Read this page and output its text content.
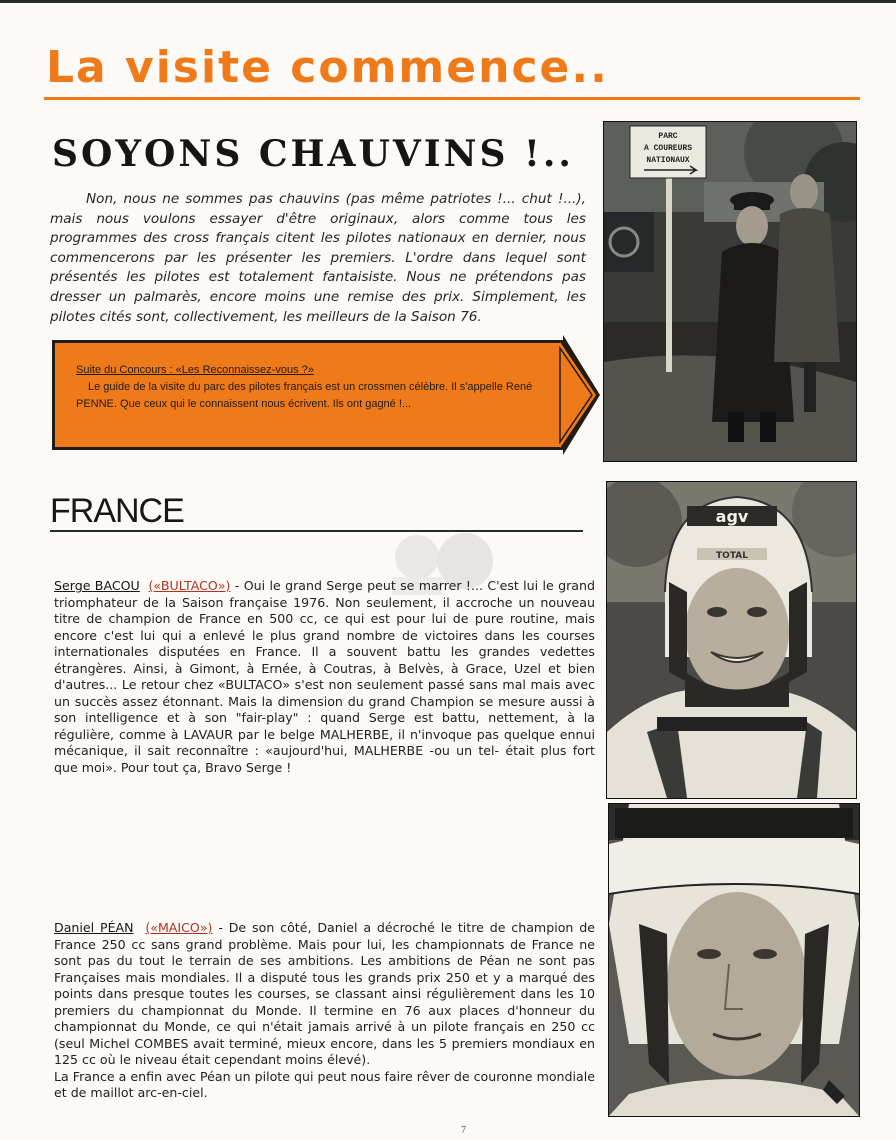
La visite commence..
SOYONS CHAUVINS !..

Non, nous ne sommes pas chauvins (pas même patriotes !... chut !...), mais nous voulons essayer d'être originaux, alors comme tous les programmes des cross français citent les pilotes nationaux en dernier, nous commencerons par les présenter les premiers. L'ordre dans lequel sont présentés les pilotes est totalement fantaisiste. Nous ne prétendons pas dresser un palmarès, encore moins une remise des prix. Simplement, les pilotes cités sont, collectivement, les meilleurs de la Saison 76.

Suite du Concours : «Les Reconnaissez-vous ?»
Le guide de la visite du parc des pilotes français est un crossmen célèbre. Il s'appelle René PENNE. Que ceux qui le connaissent nous écrivent. Ils ont gagné !...
FRANCE

Serge BACOU («BULTACO») - Oui le grand Serge peut se marrer !... C'est lui le grand triomphateur de la Saison française 1976. Non seulement, il accroche un nouveau titre de champion de France en 500 cc, ce qui est pour lui de pure routine, mais encore c'est lui qui a enlevé le plus grand nombre de victoires dans les courses internationales disputées en France. Il a souvent battu les grandes vedettes étrangères. Ainsi, à Gimont, à Ernée, à Coutras, à Belvès, à Grace, Uzel et bien d'autres... Le retour chez «BULTACO» s'est non seulement passé sans mal mais avec un succès assez étonnant. Mais la dimension du grand Champion se mesure aussi à son intelligence et à son "fair-play" : quand Serge est battu, nettement, à la régulière, comme à LAVAUR par le belge MALHERBE, il n'invoque pas quelque ennui mécanique, il sait reconnaître : «aujourd'hui, MALHERBE -ou un tel- était plus fort que moi». Pour tout ça, Bravo Serge !

Daniel PÉAN («MAICO») - De son côté, Daniel a décroché le titre de champion de France 250 cc sans grand problème. Mais pour lui, les championnats de France ne sont pas du tout le terrain de ses ambitions. Les ambitions de Péan ne sont pas Françaises mais mondiales. Il a disputé tous les grands prix 250 et y a marqué des points dans presque toutes les courses, se classant ainsi régulièrement dans les 10 premiers du championnat du Monde. Il termine en 76 aux places d'honneur du championnat du Monde, ce qui n'était jamais arrivé à un pilote français en 250 cc (seul Michel COMBES avait terminé, mieux encore, dans les 5 premiers mondiaux en 125 cc où le niveau était cependant moins élevé).

La France a enfin avec Péan un pilote qui peut nous faire rêver de couronne mondiale et de maillot arc-en-ciel.

PARC
A COUREURS
NATIONAUX
agv
TOTAL
7
